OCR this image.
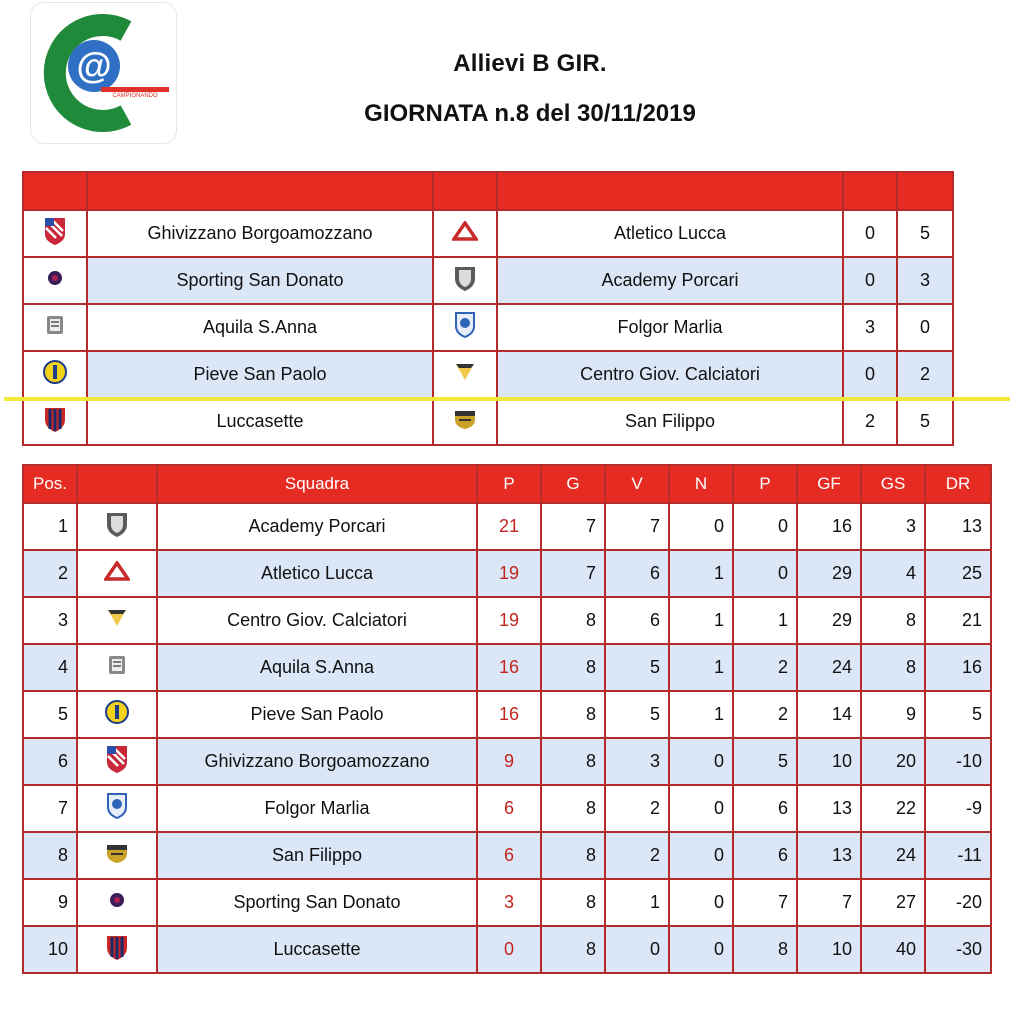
@
CAMPIONANDO
Allievi B GIR.
GIORNATA n.8 del 30/11/2019

	Ghivizzano Borgoamozzano		Atletico Lucca	0	5
	Sporting San Donato		Academy Porcari	0	3
	Aquila S.Anna		Folgor Marlia	3	0
	Pieve San Paolo		Centro Giov. Calciatori	0	2
	Luccasette		San Filippo	2	5
Pos.		Squadra	P	G	V	N	P	GF	GS	DR
1		Academy Porcari	21	7	7	0	0	16	3	13
2		Atletico Lucca	19	7	6	1	0	29	4	25
3		Centro Giov. Calciatori	19	8	6	1	1	29	8	21
4		Aquila S.Anna	16	8	5	1	2	24	8	16
5		Pieve San Paolo	16	8	5	1	2	14	9	5
6		Ghivizzano Borgoamozzano	9	8	3	0	5	10	20	-10
7		Folgor Marlia	6	8	2	0	6	13	22	-9
8		San Filippo	6	8	2	0	6	13	24	-11
9		Sporting San Donato	3	8	1	0	7	7	27	-20
10		Luccasette	0	8	0	0	8	10	40	-30
